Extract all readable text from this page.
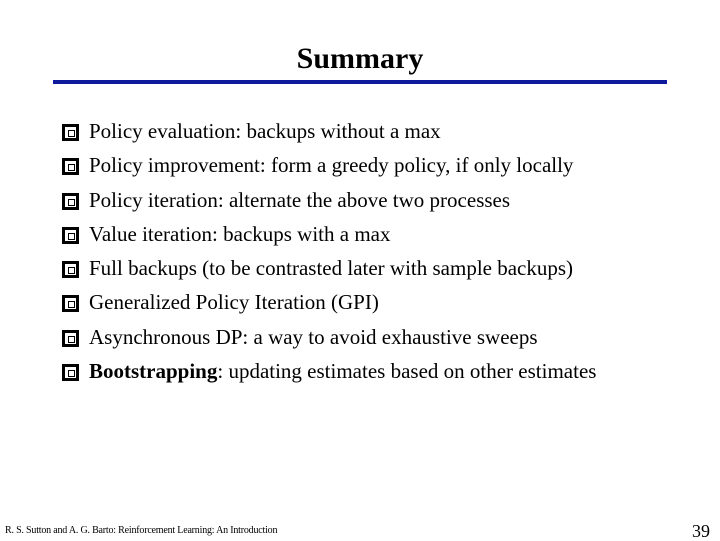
Summary
Policy evaluation: backups without a max
Policy improvement: form a greedy policy, if only locally
Policy iteration: alternate the above two processes
Value iteration: backups with a max
Full backups (to be contrasted later with sample backups)
Generalized Policy Iteration (GPI)
Asynchronous DP: a way to avoid exhaustive sweeps
Bootstrapping: updating estimates based on other estimates
R. S. Sutton and A. G. Barto: Reinforcement Learning: An Introduction	39
